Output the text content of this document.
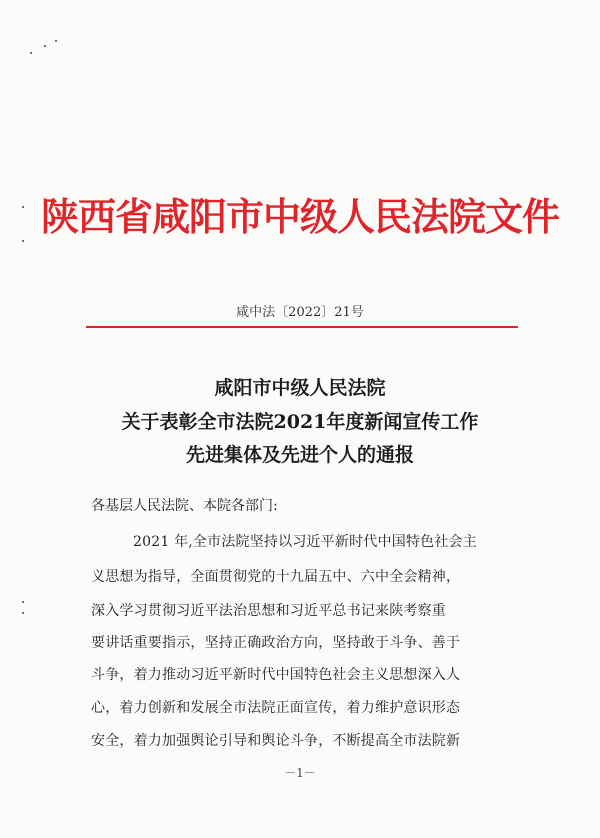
陕西省咸阳市中级人民法院文件
咸中法〔2022〕21号
咸阳市中级人民法院
关于表彰全市法院2021年度新闻宣传工作
先进集体及先进个人的通报
各基层人民法院、本院各部门:
2021 年,全市法院坚持以习近平新时代中国特色社会主
义思想为指导，全面贯彻党的十九届五中、六中全会精神，
深入学习贯彻习近平法治思想和习近平总书记来陕考察重
要讲话重要指示，坚持正确政治方向，坚持敢于斗争、善于
斗争，着力推动习近平新时代中国特色社会主义思想深入人
心，着力创新和发展全市法院正面宣传，着力维护意识形态
安全，着力加强舆论引导和舆论斗争，不断提高全市法院新
－1－
